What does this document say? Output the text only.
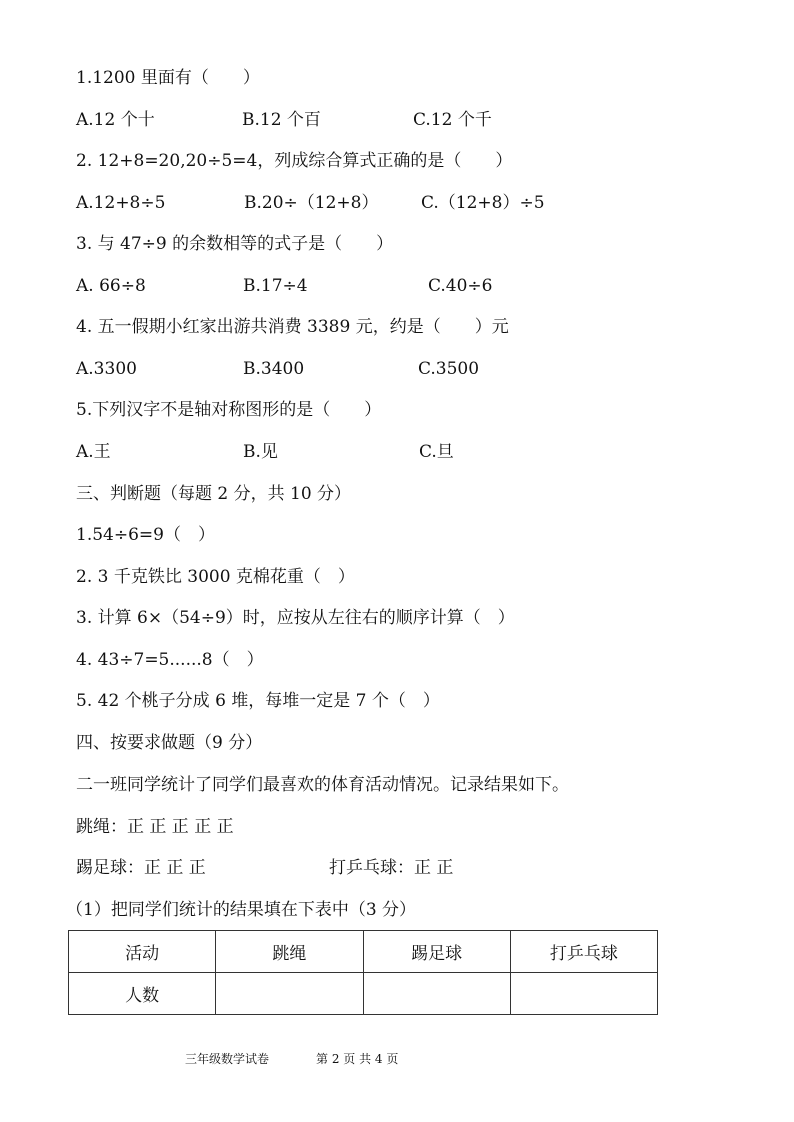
1.1200 里面有（　　）
A.12 个十	B.12 个百	C.12 个千
2. 12+8=20,20÷5=4，列成综合算式正确的是（　　）
A.12+8÷5	B.20÷（12+8）	C.（12+8）÷5
3. 与 47÷9 的余数相等的式子是（　　）
A. 66÷8	B.17÷4	C.40÷6
4. 五一假期小红家出游共消费 3389 元，约是（　　）元
A.3300	B.3400	C.3500
5.下列汉字不是轴对称图形的是（　　）
A.王	B.见	C.旦
三、判断题（每题 2 分，共 10 分）
1.54÷6=9（　）
2. 3 千克铁比 3000 克棉花重（　）
3. 计算 6×（54÷9）时，应按从左往右的顺序计算（　）
4. 43÷7=5......8（　）
5. 42 个桃子分成 6 堆，每堆一定是 7 个（　）
四、按要求做题（9 分）
二一班同学统计了同学们最喜欢的体育活动情况。记录结果如下。
跳绳：正 正 正 正 正
踢足球：正 正 正	打乒乓球：正 正
（1）把同学们统计的结果填在下表中（3 分）
活动	跳绳	踢足球	打乒乓球
人数			
三年级数学试卷	第 2 页 共 4 页
